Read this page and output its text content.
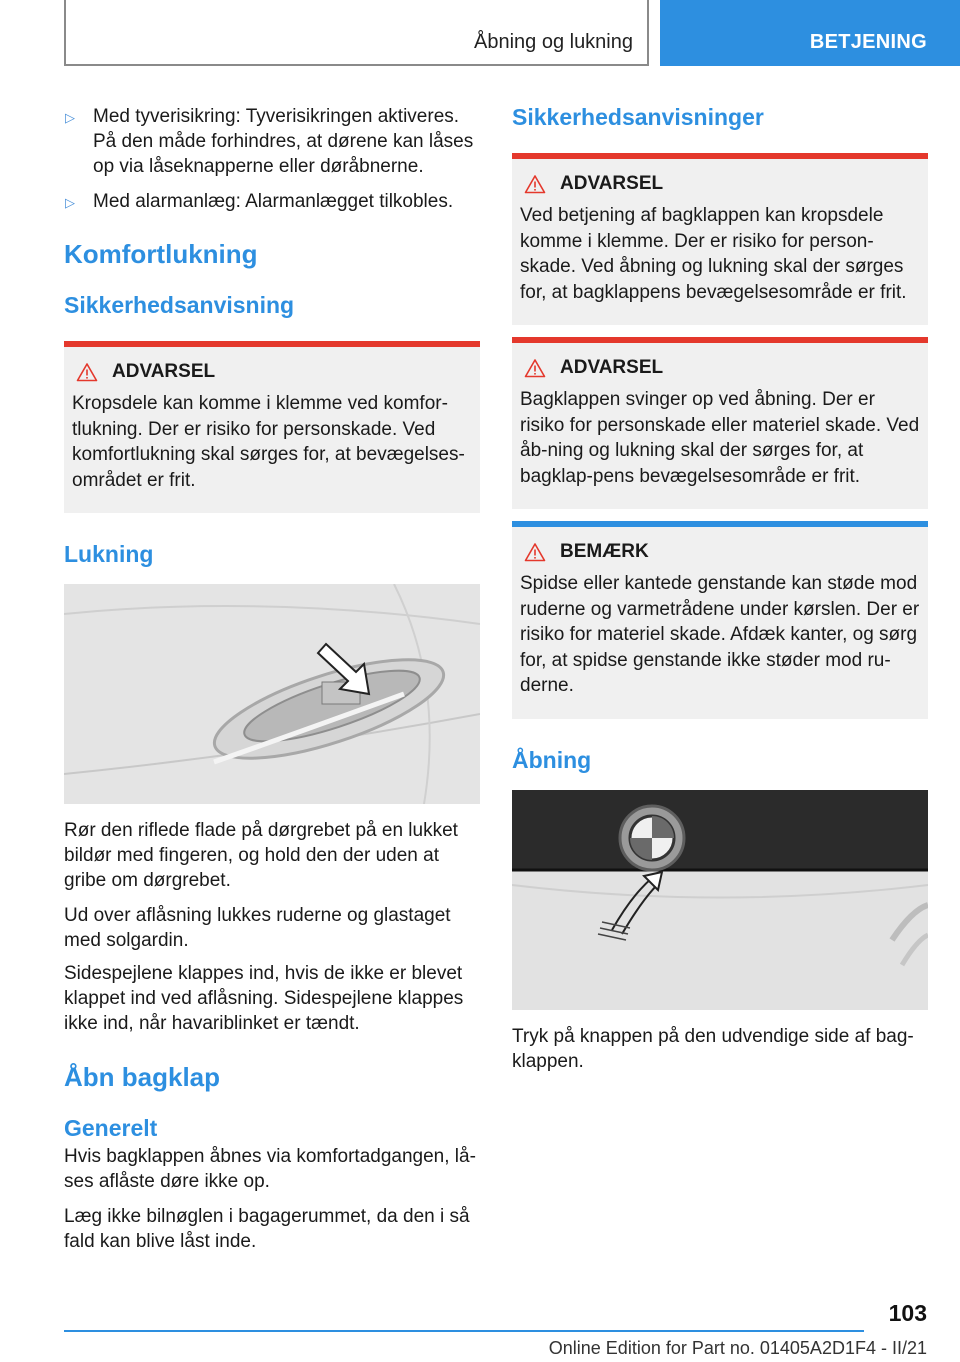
Åbning og lukning	BETJENING
▷ Med tyverisikring: Tyverisikringen aktiveres. På den måde forhindres, at dørene kan låses op via låseknapperne eller døråbnerne.
▷ Med alarmanlæg: Alarmanlægget tilkobles.
Komfortlukning
Sikkerhedsanvisning
ADVARSEL
Kropsdele kan komme i klemme ved komfor‐tlukning. Der er risiko for personskade. Ved komfortlukning skal sørges for, at bevægelses‐området er frit.
Lukning

Rør den riflede flade på dørgrebet på en lukket bildør med fingeren, og hold den der uden at gribe om dørgrebet.

Ud over aflåsning lukkes ruderne og glastaget med solgardin.

Sidespejlene klappes ind, hvis de ikke er blevet klappet ind ved aflåsning. Sidespejlene klappes ikke ind, når havariblinket er tændt.

Åbn bagklap
Generelt

Hvis bagklappen åbnes via komfortadgangen, lå‐ses aflåste døre ikke op.

Læg ikke bilnøglen i bagagerummet, da den i så fald kan blive låst inde.

Sikkerhedsanvisninger
ADVARSEL
Ved betjening af bagklappen kan kropsdele komme i klemme. Der er risiko for person‐skade. Ved åbning og lukning skal der sørges for, at bagklappens bevægelsesområde er frit.
ADVARSEL
Bagklappen svinger op ved åbning. Der er risiko for personskade eller materiel skade. Ved åb‐ning og lukning skal der sørges for, at bagklap‐pens bevægelsesområde er frit.
BEMÆRK
Spidse eller kantede genstande kan støde mod ruderne og varmetrådene under kørslen. Der er risiko for materiel skade. Afdæk kanter, og sørg for, at spidse genstande ikke støder mod ru‐derne.
Åbning

Tryk på knappen på den udvendige side af bag‐klappen.

103
Online Edition for Part no. 01405A2D1F4 - II/21
